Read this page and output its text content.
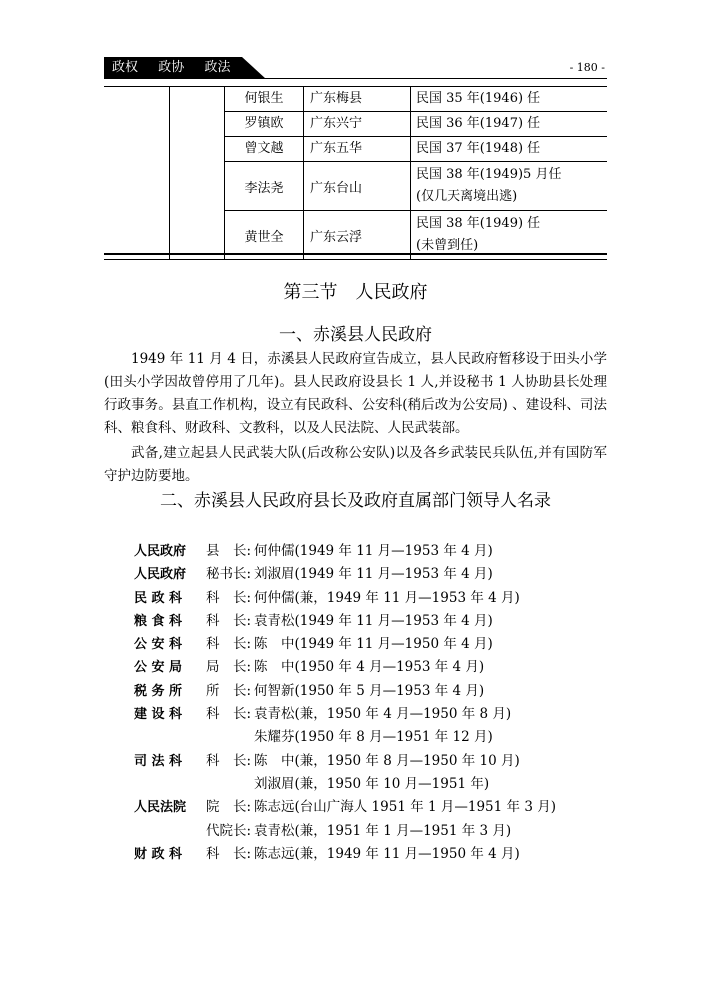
政权  政协  政法	- 180 -
		何银生	广东梅县	民国 35 年(1946) 任

		罗镇欧	广东兴宁	民国 36 年(1947) 任

		曾文越	广东五华	民国 37 年(1948) 任

		李法尧	广东台山	民国 38 年(1949)5 月任
(仅几天离境出逃)

		黄世全	广东云浮	民国 38 年(1949) 任
(未曾到任)
第三节　人民政府
一、赤溪县人民政府

1949 年 11 月 4 日，赤溪县人民政府宣告成立，县人民政府暂移设于田头小学(田头小学因故曾停用了几年)。县人民政府设县长 1 人,并设秘书 1 人协助县长处理行政事务。县直工作机构，设立有民政科、公安科(稍后改为公安局) 、建设科、司法科、粮食科、财政科、文教科，以及人民法院、人民武装部。

武备,建立起县人民武装大队(后改称公安队)以及各乡武装民兵队伍,并有国防军守护边防要地。

二、赤溪县人民政府县长及政府直属部门领导人名录
人民政府	县　长: 何仲儒(1949 年 11 月—1953 年 4 月)
人民政府	秘书长: 刘淑眉(1949 年 11 月—1953 年 4 月)
民 政 科	科　长: 何仲儒(兼，1949 年 11 月—1953 年 4 月)
粮 食 科	科　长: 袁青松(1949 年 11 月—1953 年 4 月)
公 安 科	科　长: 陈　中(1949 年 11 月—1950 年 4 月)
公 安 局	局　长: 陈　中(1950 年 4 月—1953 年 4 月)
税 务 所	所　长: 何智新(1950 年 5 月—1953 年 4 月)
建 设 科	科　长: 袁青松(兼，1950 年 4 月—1950 年 8 月)
朱耀芬(1950 年 8 月—1951 年 12 月)
司 法 科	科　长: 陈　中(兼，1950 年 8 月—1950 年 10 月)
刘淑眉(兼，1950 年 10 月—1951 年)
人民法院	院　长: 陈志远(台山广海人 1951 年 1 月—1951 年 3 月)
代院长: 袁青松(兼，1951 年 1 月—1951 年 3 月)
财 政 科	科　长: 陈志远(兼，1949 年 11 月—1950 年 4 月)
